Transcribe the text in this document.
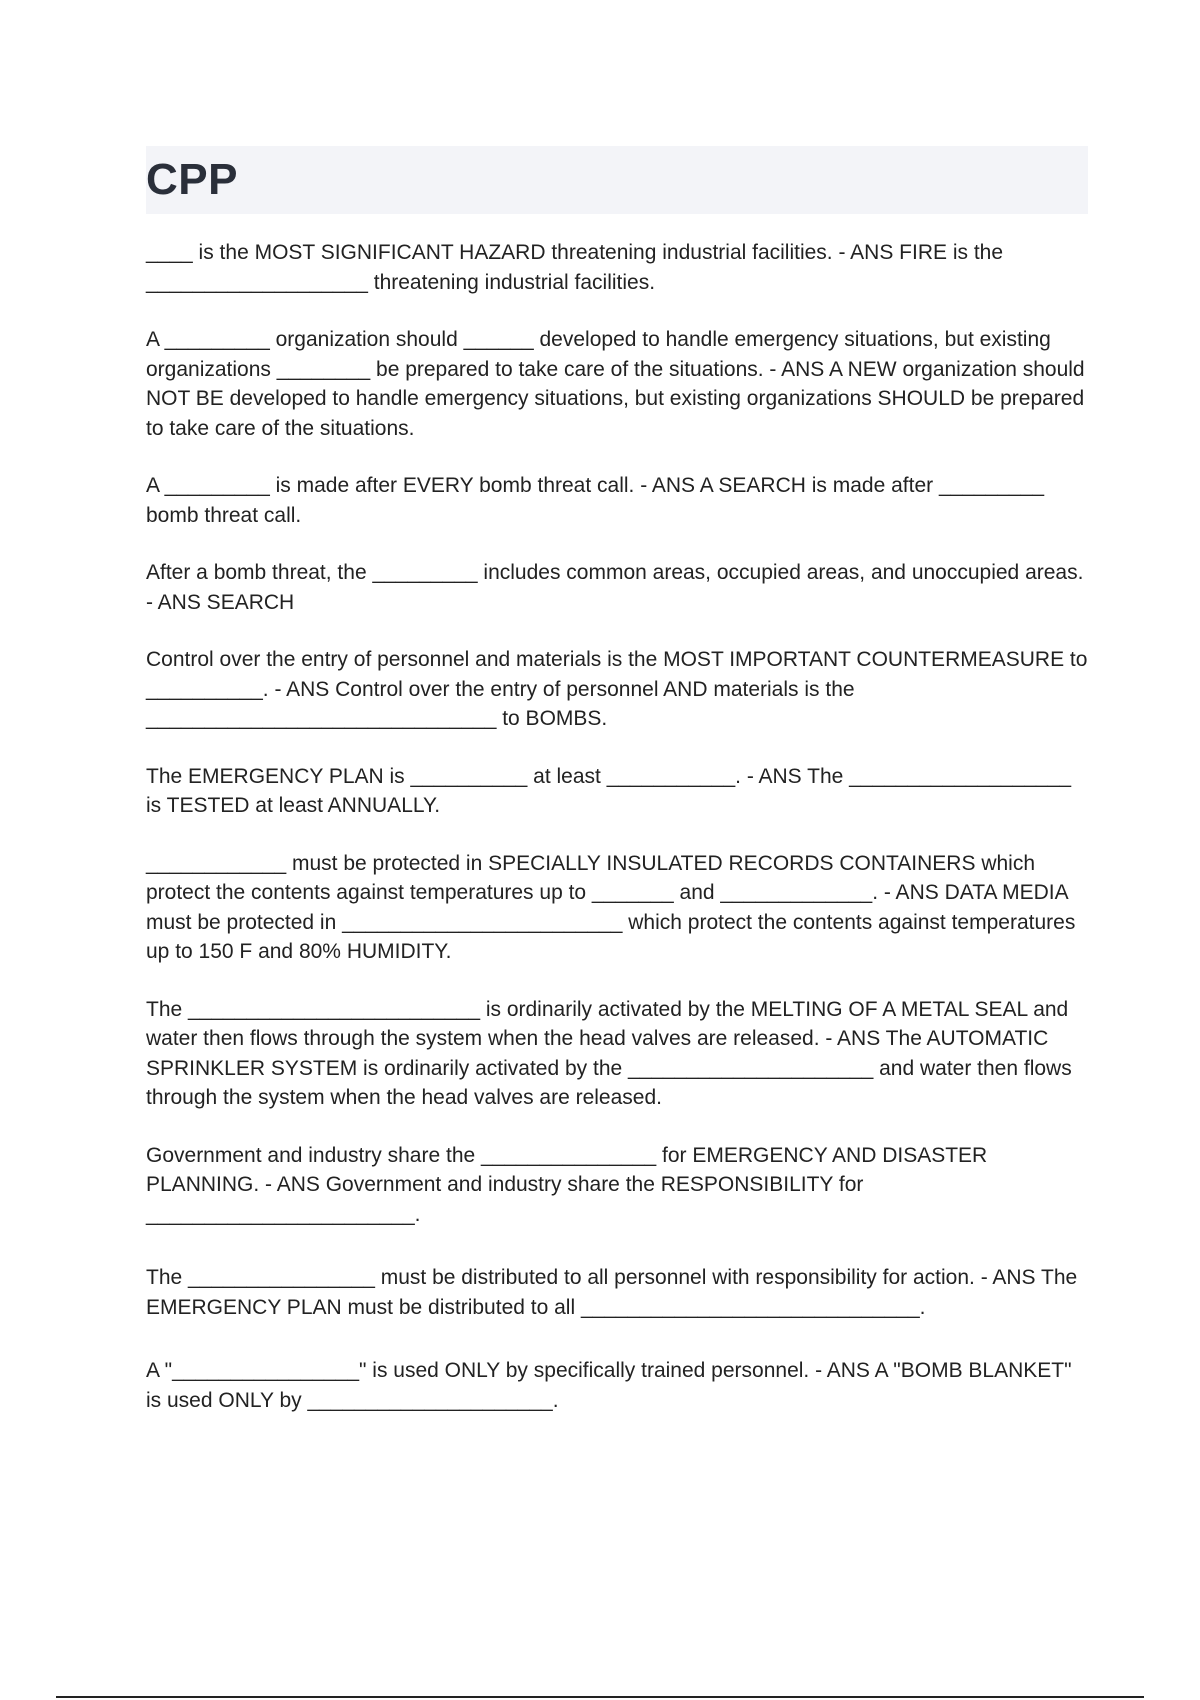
CPP

____ is the MOST SIGNIFICANT HAZARD threatening industrial facilities. - ANS FIRE is the ___________________ threatening industrial facilities.

A _________ organization should ______ developed to handle emergency situations, but existing organizations ________ be prepared to take care of the situations. - ANS A NEW organization should NOT BE developed to handle emergency situations, but existing organizations SHOULD be prepared to take care of the situations.

A _________ is made after EVERY bomb threat call. - ANS A SEARCH is made after _________ bomb threat call.

After a bomb threat, the _________ includes common areas, occupied areas, and unoccupied areas. - ANS SEARCH

Control over the entry of personnel and materials is the MOST IMPORTANT COUNTERMEASURE to __________. - ANS Control over the entry of personnel AND materials is the ______________________________ to BOMBS.

The EMERGENCY PLAN is __________ at least ___________. - ANS The ___________________ is TESTED at least ANNUALLY.

____________ must be protected in SPECIALLY INSULATED RECORDS CONTAINERS which protect the contents against temperatures up to _______ and _____________. - ANS DATA MEDIA must be protected in ________________________ which protect the contents against temperatures up to 150 F and 80% HUMIDITY.

The _________________________ is ordinarily activated by the MELTING OF A METAL SEAL and water then flows through the system when the head valves are released. - ANS The AUTOMATIC SPRINKLER SYSTEM is ordinarily activated by the _____________________ and water then flows through the system when the head valves are released.

Government and industry share the _______________ for EMERGENCY AND DISASTER PLANNING. - ANS Government and industry share the RESPONSIBILITY for _______________________.

The ________________ must be distributed to all personnel with responsibility for action. - ANS The EMERGENCY PLAN must be distributed to all _____________________________.

A "________________" is used ONLY by specifically trained personnel. - ANS A "BOMB BLANKET" is used ONLY by _____________________.
